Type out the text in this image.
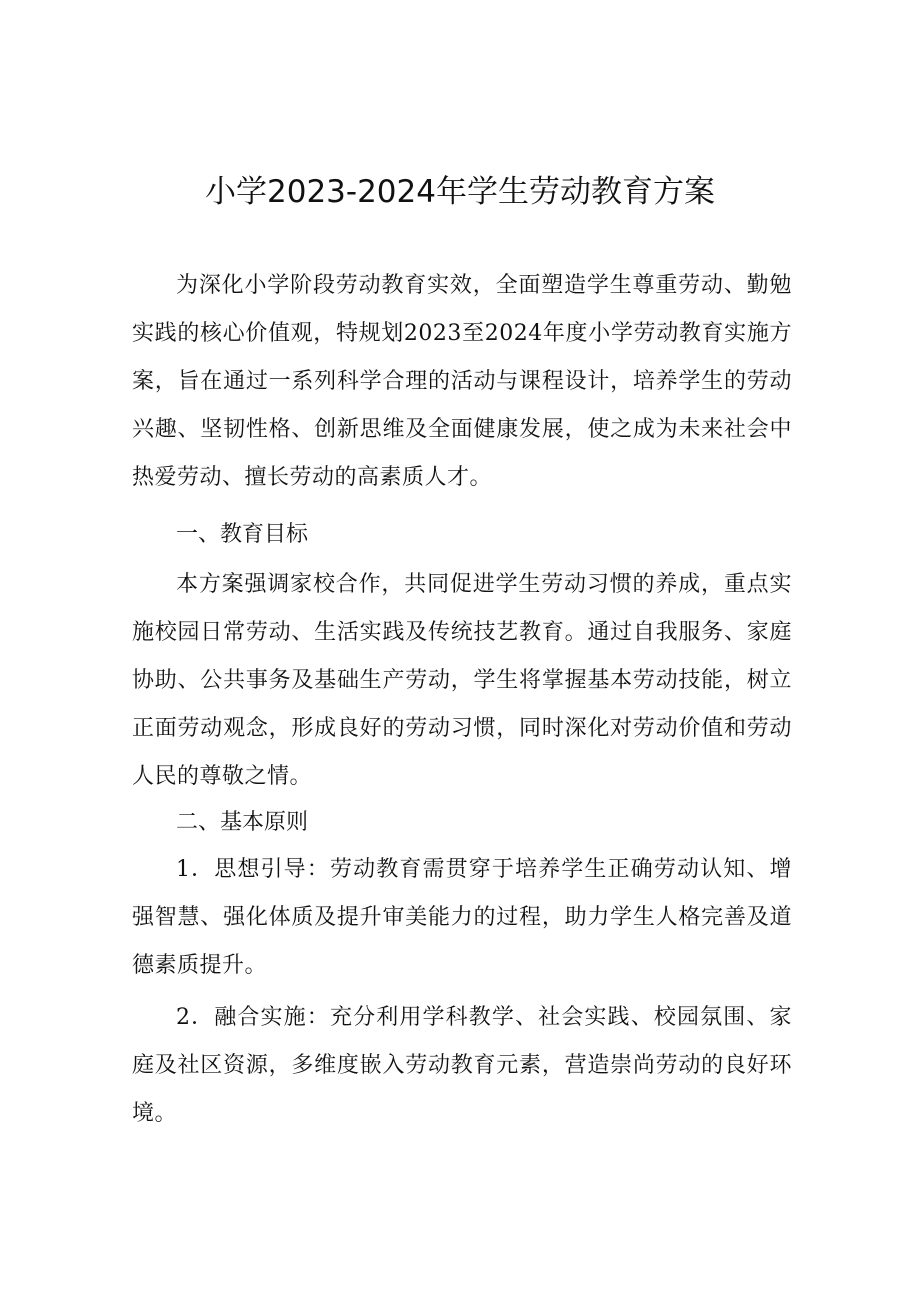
小学2023-2024年学生劳动教育方案

为深化小学阶段劳动教育实效，全面塑造学生尊重劳动、勤勉实践的核心价值观，特规划2023至2024年度小学劳动教育实施方案，旨在通过一系列科学合理的活动与课程设计，培养学生的劳动兴趣、坚韧性格、创新思维及全面健康发展，使之成为未来社会中热爱劳动、擅长劳动的高素质人才。

一、教育目标

本方案强调家校合作，共同促进学生劳动习惯的养成，重点实施校园日常劳动、生活实践及传统技艺教育。通过自我服务、家庭协助、公共事务及基础生产劳动，学生将掌握基本劳动技能，树立正面劳动观念，形成良好的劳动习惯，同时深化对劳动价值和劳动人民的尊敬之情。

二、基本原则

1．思想引导：劳动教育需贯穿于培养学生正确劳动认知、增强智慧、强化体质及提升审美能力的过程，助力学生人格完善及道德素质提升。

2．融合实施：充分利用学科教学、社会实践、校园氛围、家庭及社区资源，多维度嵌入劳动教育元素，营造崇尚劳动的良好环境。
